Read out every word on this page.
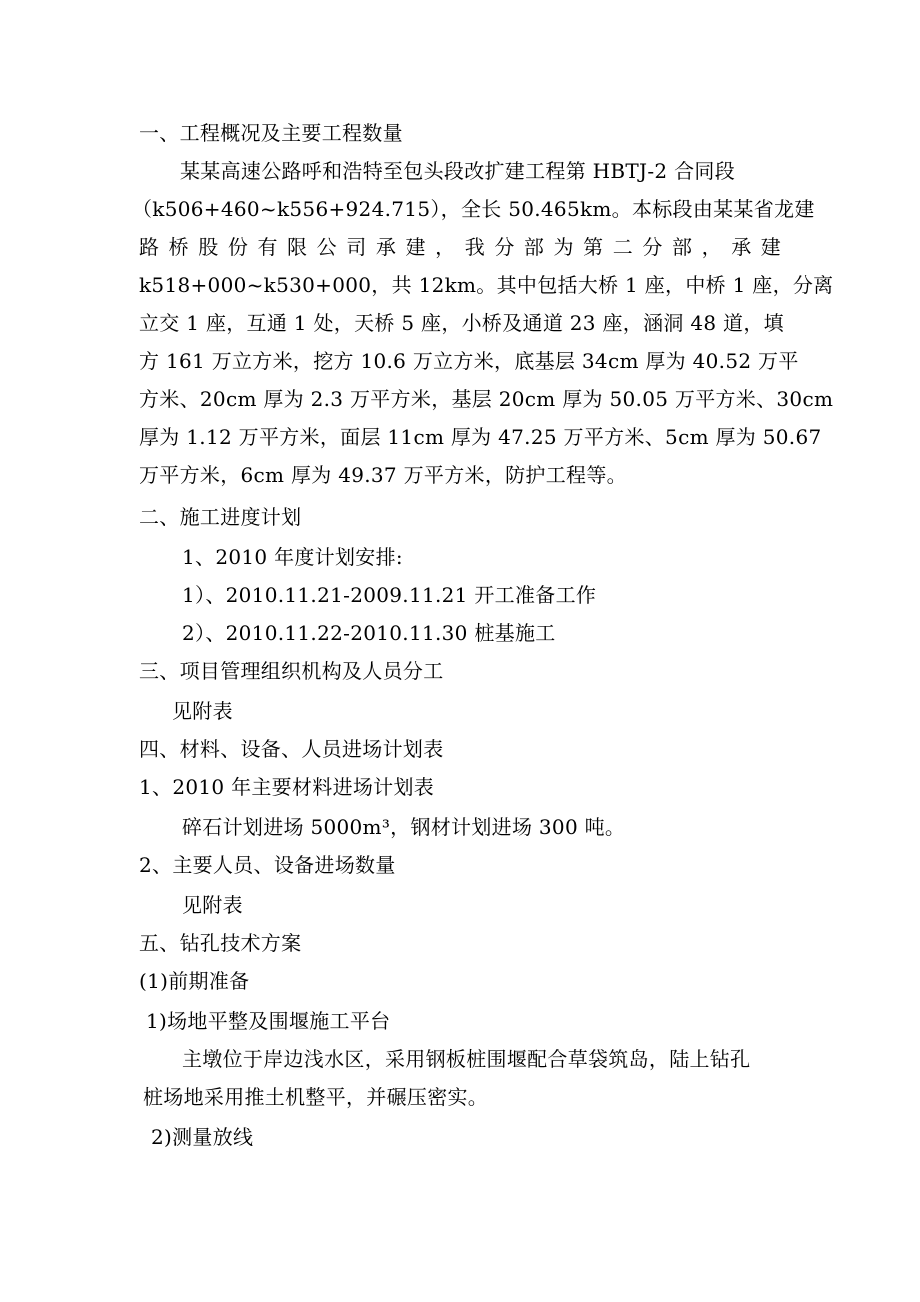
一、工程概况及主要工程数量
某某高速公路呼和浩特至包头段改扩建工程第 HBTJ-2 合同段
（k506+460~k556+924.715），全长 50.465km。本标段由某某省龙建
路 桥 股 份 有 限 公 司 承 建 ， 我 分 部 为 第 二 分 部 ， 承 建
k518+000~k530+000，共 12km。其中包括大桥 1 座，中桥 1 座，分离
立交 1 座，互通 1 处，天桥 5 座，小桥及通道 23 座，涵洞 48 道，填
方 161 万立方米，挖方 10.6 万立方米，底基层 34cm 厚为 40.52 万平
方米、20cm 厚为 2.3 万平方米，基层 20cm 厚为 50.05 万平方米、30cm
厚为 1.12 万平方米，面层 11cm 厚为 47.25 万平方米、5cm 厚为 50.67
万平方米，6cm 厚为 49.37 万平方米，防护工程等。
二、施工进度计划
1、2010 年度计划安排:
1）、2010.11.21-2009.11.21 开工准备工作
2）、2010.11.22-2010.11.30 桩基施工
三、项目管理组织机构及人员分工
见附表
四、材料、设备、人员进场计划表
1、2010 年主要材料进场计划表
碎石计划进场 5000m³，钢材计划进场 300 吨。
2、主要人员、设备进场数量
见附表
五、钻孔技术方案
(1)前期准备
1)场地平整及围堰施工平台
主墩位于岸边浅水区，采用钢板桩围堰配合草袋筑岛，陆上钻孔
桩场地采用推土机整平，并碾压密实。
2)测量放线
